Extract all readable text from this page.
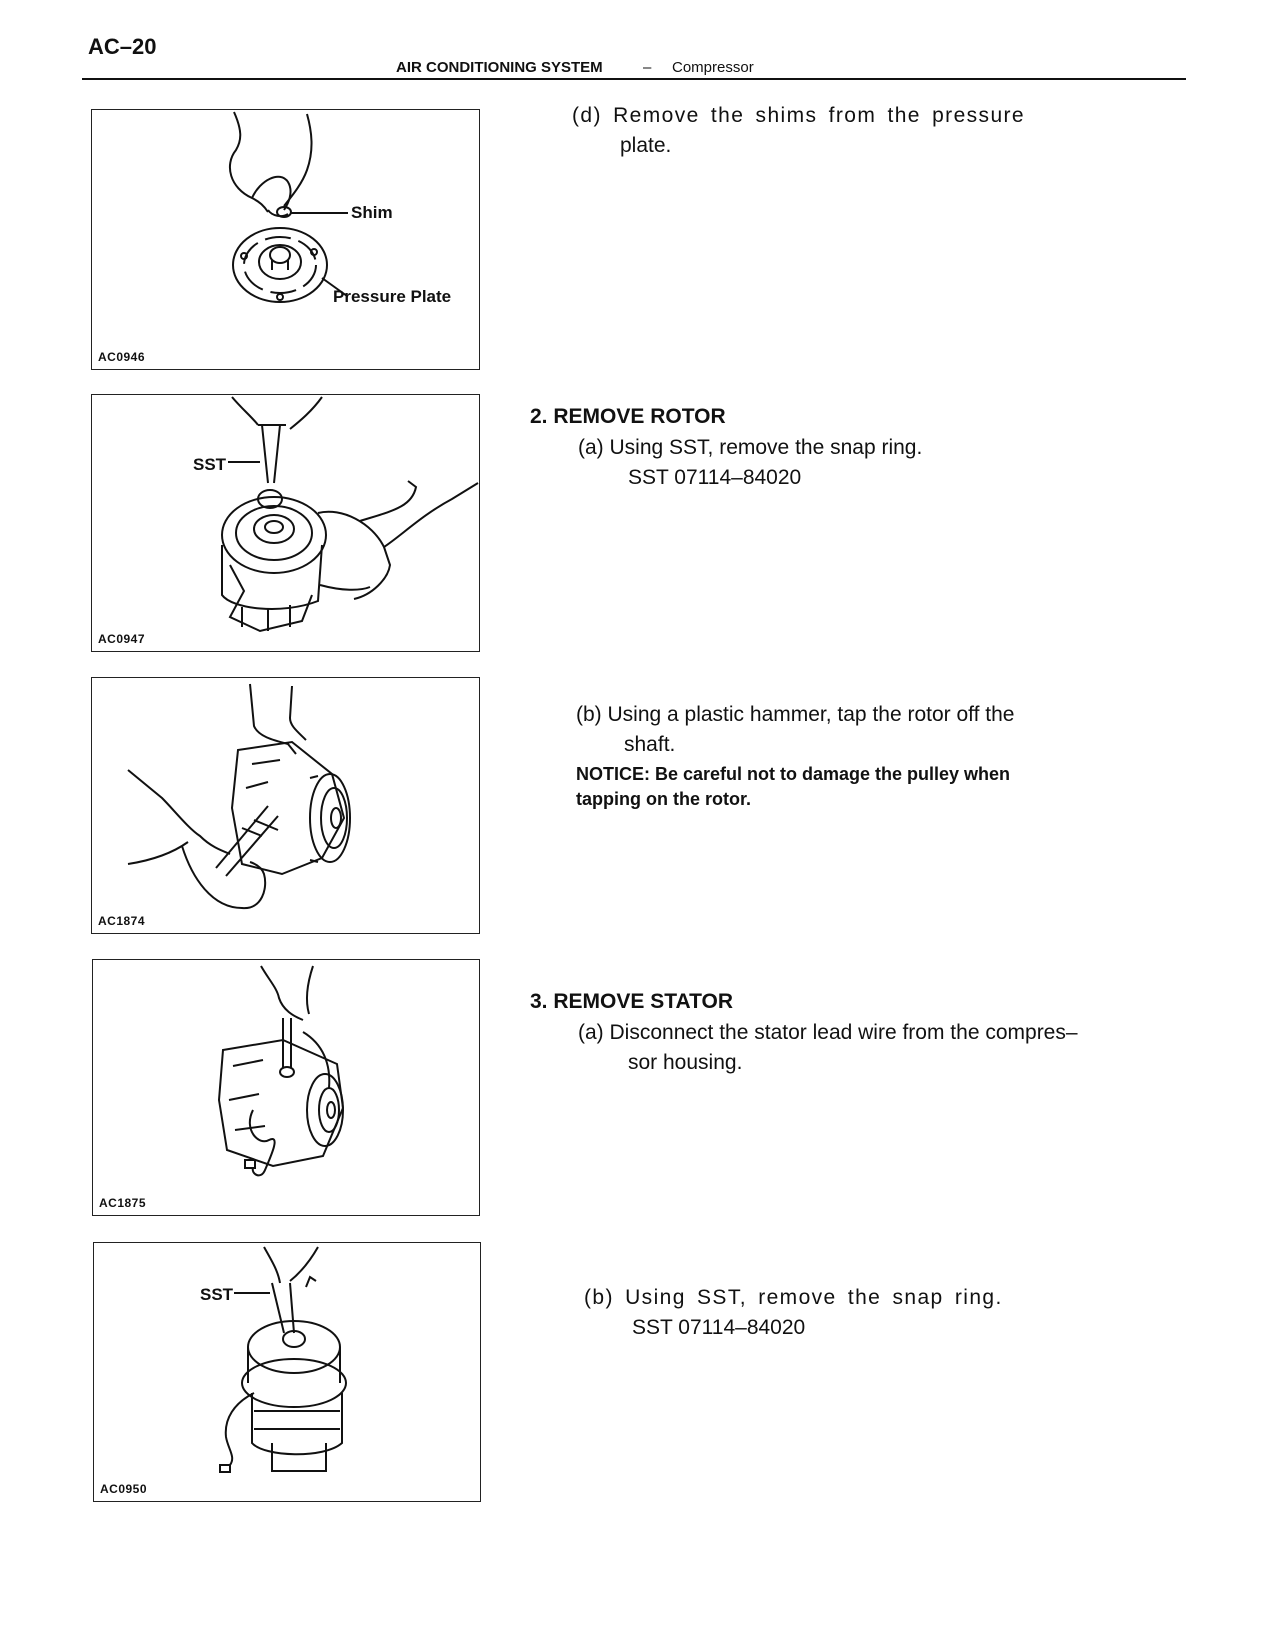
AC–20
AIR CONDITIONING SYSTEM	– Compressor
Shim
Pressure Plate
AC0946
SST
AC0947
AC1874
AC1875
SST
AC0950
(d) Remove the shims from the pressure
plate.
2. REMOVE ROTOR
(a) Using SST, remove the snap ring.
SST 07114–84020
(b) Using a plastic hammer, tap the rotor off the
shaft.
NOTICE: Be careful not to damage the pulley when
tapping on the rotor.
3. REMOVE STATOR
(a) Disconnect the stator lead wire from the compres–
sor housing.
(b) Using SST, remove the snap ring.
SST 07114–84020
